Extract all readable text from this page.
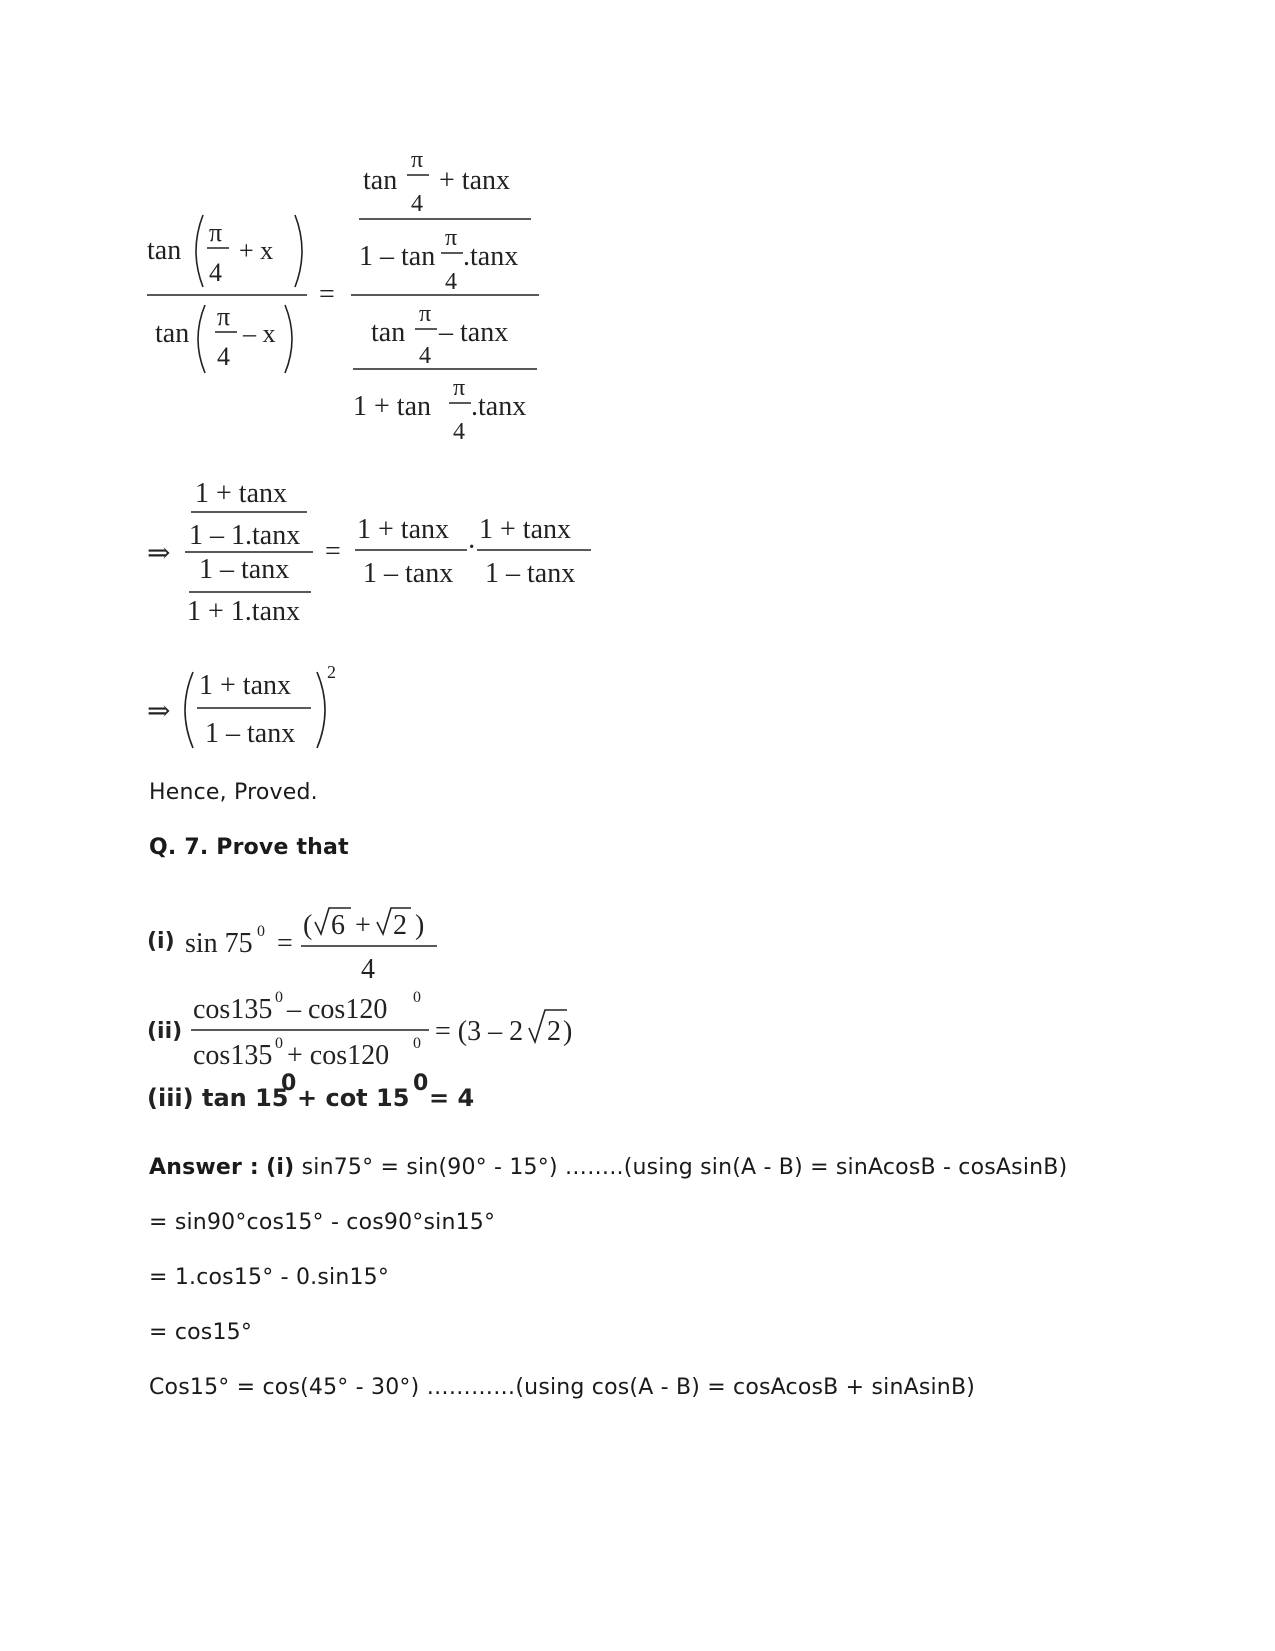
tan
π
4
+ x
tan
π
4
– x
=
tan
π
4
+ tanx
1 – tan
π
4
.tanx
tan
π
4
– tanx
1 + tan
π
4
.tanx
⇒
1 + tanx
1 – 1.tanx
1 – tanx
1 + 1.tanx
=
1 + tanx
1 – tanx
·
1 + tanx
1 – tanx
⇒
1 + tanx
1 – tanx
2
Hence, Proved.
Q. 7. Prove that
(i) sin 75 0 =
( 6 + 2 )
4
(ii)
cos135 0 – cos120 0
cos135 0 + cos120 0 = (3 – 2 2 )
(iii) tan 15
0
+ cot 15
0
= 4
Answer : (i) sin75° = sin(90° - 15°) ……..(using sin(A - B) = sinAcosB - cosAsinB)
= sin90°cos15° - cos90°sin15°
= 1.cos15° - 0.sin15°
= cos15°
Cos15° = cos(45° - 30°) …………(using cos(A - B) = cosAcosB + sinAsinB)
